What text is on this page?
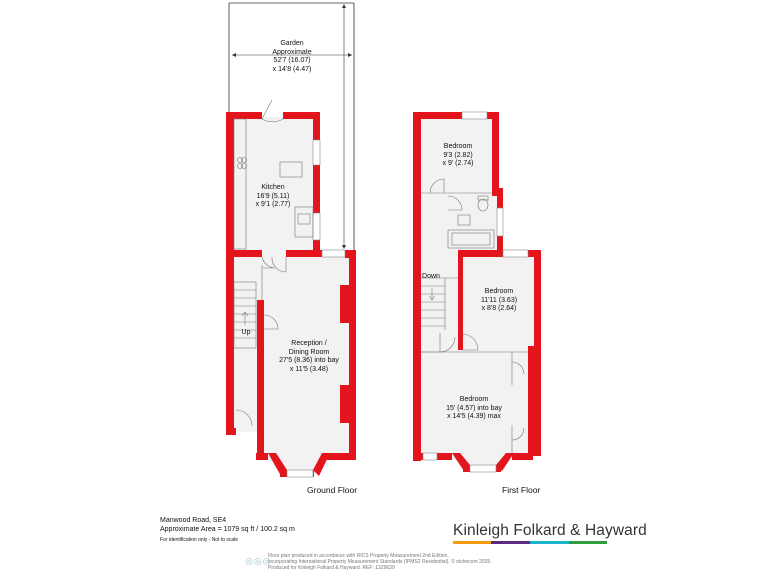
Garden
Approximate
52'7 (16.07)
x 14'8 (4.47)
Kitchen
16'9 (5.11)
x 9'1 (2.77)
Reception /
Dining Room
27'5 (8.36) into bay
x 11'5 (3.48)
Bedroom
9'3 (2.82)
x 9' (2.74)
Bedroom
11'11 (3.63)
x 8'8 (2.64)
Bedroom
15' (4.57) into bay
x 14'5 (4.39) max
Up
Down
Ground Floor	First Floor
Manwood Road, SE4
Approximate Area = 1079 sq ft / 100.2 sq m
For identification only - Not to scale
Kinleigh Folkard & Hayward
◎◎◎
Floor plan produced in accordance with RICS Property Measurement 2nd Edition,
Incorporating International Property Measurement Standards (IPMS2 Residential). © nichecom 2025.
Produced for Kinleigh Folkard & Hayward. REF: 1329639
